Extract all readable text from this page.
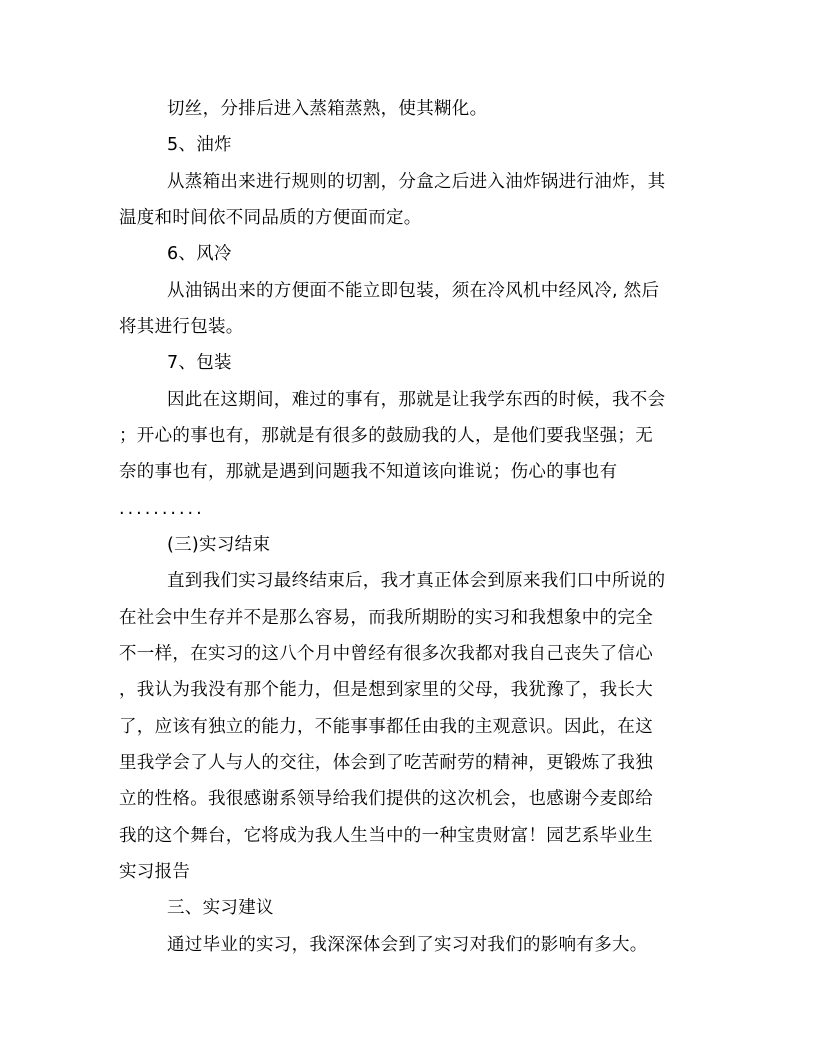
切丝，分排后进入蒸箱蒸熟，使其糊化。
5、油炸
从蒸箱出来进行规则的切割，分盒之后进入油炸锅进行油炸，其
温度和时间依不同品质的方便面而定。
6、风冷
从油锅出来的方便面不能立即包装，须在冷风机中经风冷, 然后
将其进行包装。
7、包装
因此在这期间，难过的事有，那就是让我学东西的时候，我不会
；开心的事也有，那就是有很多的鼓励我的人，是他们要我坚强；无
奈的事也有，那就是遇到问题我不知道该向谁说；伤心的事也有
..........
(三)实习结束
直到我们实习最终结束后，我才真正体会到原来我们口中所说的
在社会中生存并不是那么容易，而我所期盼的实习和我想象中的完全
不一样，在实习的这八个月中曾经有很多次我都对我自己丧失了信心
，我认为我没有那个能力，但是想到家里的父母，我犹豫了，我长大
了，应该有独立的能力，不能事事都任由我的主观意识。因此，在这
里我学会了人与人的交往，体会到了吃苦耐劳的精神，更锻炼了我独
立的性格。我很感谢系领导给我们提供的这次机会，也感谢今麦郎给
我的这个舞台，它将成为我人生当中的一种宝贵财富！园艺系毕业生
实习报告
三、实习建议
通过毕业的实习，我深深体会到了实习对我们的影响有多大。
